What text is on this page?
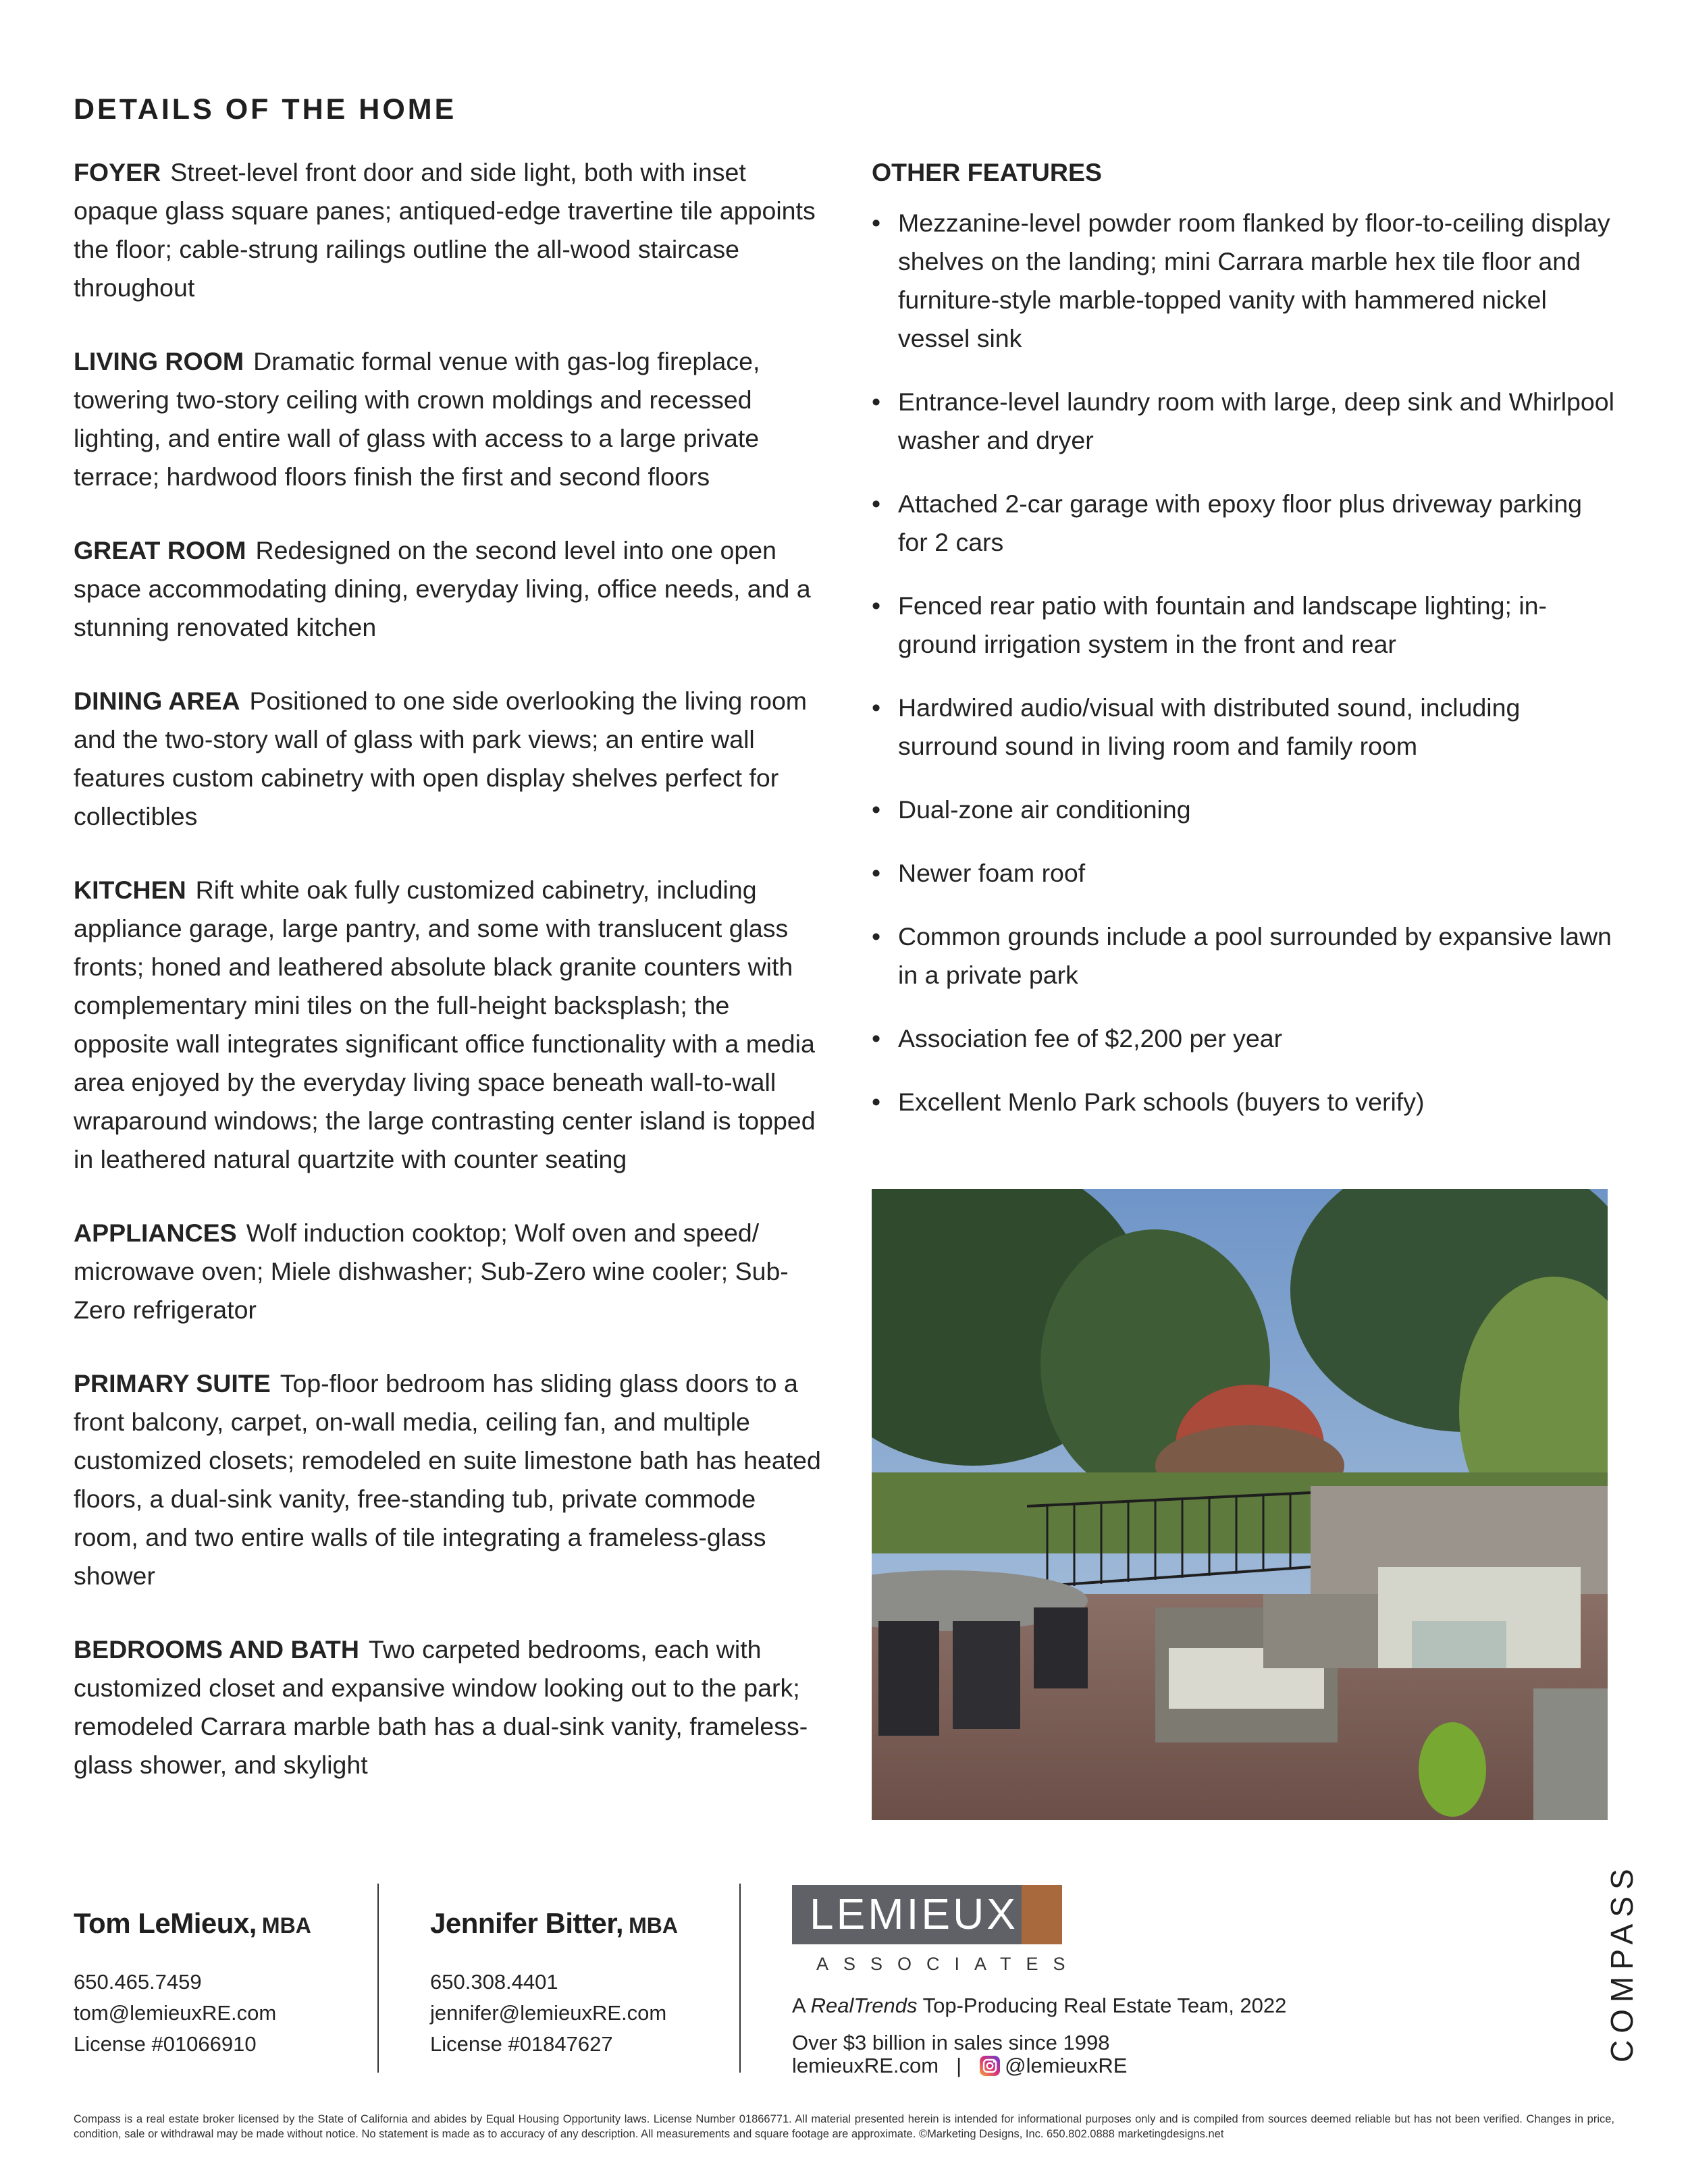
DETAILS OF THE HOME

FOYER Street-level front door and side light, both with inset opaque glass square panes; antiqued-edge travertine tile appoints the floor; cable-strung railings outline the all-wood staircase throughout

LIVING ROOM Dramatic formal venue with gas-log fireplace, towering two-story ceiling with crown moldings and recessed lighting, and entire wall of glass with access to a large private terrace; hardwood floors finish the first and second floors

GREAT ROOM Redesigned on the second level into one open space accommodating dining, everyday living, office needs, and a stunning renovated kitchen

DINING AREA Positioned to one side overlooking the living room and the two-story wall of glass with park views; an entire wall features custom cabinetry with open display shelves perfect for collectibles

KITCHEN Rift white oak fully customized cabinetry, including appliance garage, large pantry, and some with translucent glass fronts; honed and leathered absolute black granite counters with complementary mini tiles on the full-height backsplash; the opposite wall integrates significant office functionality with a media area enjoyed by the everyday living space beneath wall-to-wall wraparound windows; the large contrasting center island is topped in leathered natural quartzite with counter seating

APPLIANCES Wolf induction cooktop; Wolf oven and speed/ microwave oven; Miele dishwasher; Sub-Zero wine cooler; Sub-Zero refrigerator

PRIMARY SUITE Top-floor bedroom has sliding glass doors to a front balcony, carpet, on-wall media, ceiling fan, and multiple customized closets; remodeled en suite limestone bath has heated floors, a dual-sink vanity, free-standing tub, private commode room, and two entire walls of tile integrating a frameless-glass shower

BEDROOMS AND BATH Two carpeted bedrooms, each with customized closet and expansive window looking out to the park; remodeled Carrara marble bath has a dual-sink vanity, frameless-glass shower, and skylight

OTHER FEATURES
• Mezzanine-level powder room flanked by floor-to-ceiling display shelves on the landing; mini Carrara marble hex tile floor and furniture-style marble-topped vanity with hammered nickel vessel sink
• Entrance-level laundry room with large, deep sink and Whirlpool washer and dryer
• Attached 2-car garage with epoxy floor plus driveway parking for 2 cars
• Fenced rear patio with fountain and landscape lighting; in-ground irrigation system in the front and rear
• Hardwired audio/visual with distributed sound, including surround sound in living room and family room
• Dual-zone air conditioning
• Newer foam roof
• Common grounds include a pool surrounded by expansive lawn in a private park
• Association fee of $2,200 per year
• Excellent Menlo Park schools (buyers to verify)
Tom LeMieux, MBA
650.465.7459
tom@lemieuxRE.com
License #01066910
Jennifer Bitter, MBA
650.308.4401
jennifer@lemieuxRE.com
License #01847627
LEMIEUX
ASSOCIATES
A RealTrends Top-Producing Real Estate Team, 2022
Over $3 billion in sales since 1998
lemieuxRE.com | @lemieuxRE
COMPASS
Compass is a real estate broker licensed by the State of California and abides by Equal Housing Opportunity laws. License Number 01866771. All material presented herein is intended for informational purposes only and is compiled from sources deemed reliable but has not been verified. Changes in price, condition, sale or withdrawal may be made without notice. No statement is made as to accuracy of any description. All measurements and square footage are approximate. ©Marketing Designs, Inc. 650.802.0888 marketingdesigns.net
